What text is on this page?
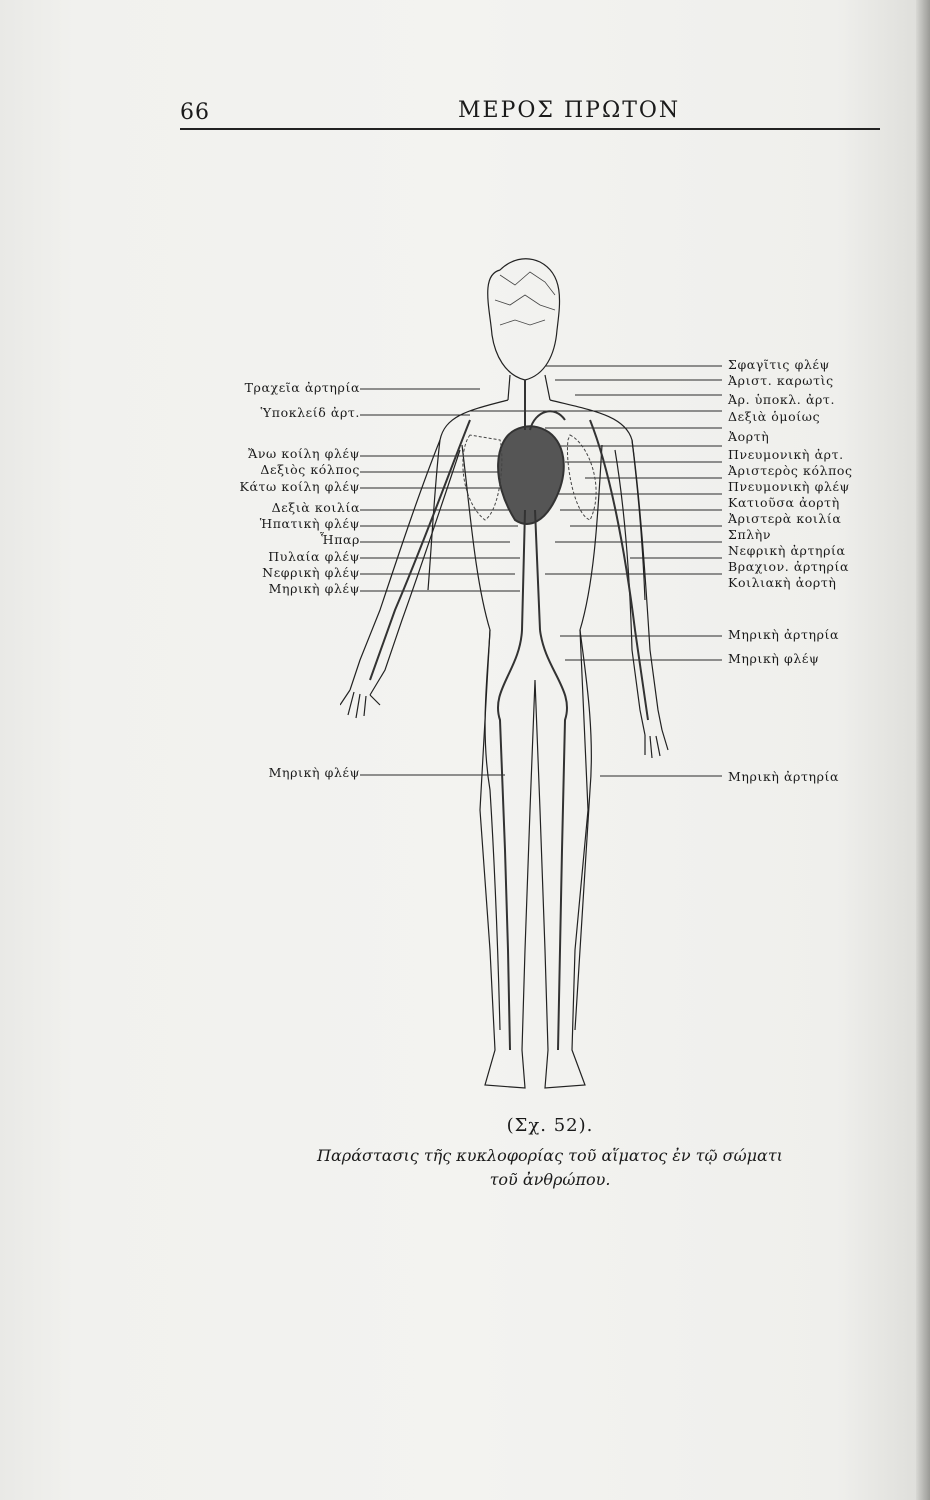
66	ΜΕΡΟΣ ΠΡΩΤΟΝ
Τραχεῖα ἀρτηρία
Ὑποκλείδ ἀρτ.
Ἄνω κοίλη φλέψ
Δεξιὸς κόλπος
Κάτω κοίλη φλέψ
Δεξιὰ κοιλία
Ἡπατικὴ φλέψ
Ἧπαρ
Πυλαία φλέψ
Νεφρικὴ φλέψ
Μηρικὴ φλέψ
Μηρικὴ φλέψ
Σφαγῖτις φλέψ
Ἀριστ. καρωτὶς
Ἀρ. ὑποκλ. ἀρτ.
Δεξιὰ ὁμοίως
Ἀορτὴ
Πνευμονικὴ ἀρτ.
Ἀριστερὸς κόλπος
Πνευμονικὴ φλέψ
Κατιοῦσα ἀορτὴ
Ἀριστερὰ κοιλία
Σπλὴν
Νεφρικὴ ἀρτηρία
Βραχιον. ἀρτηρία
Κοιλιακὴ ἀορτὴ
Μηρικὴ ἀρτηρία
Μηρικὴ φλέψ
Μηρικὴ ἀρτηρία
(Σχ. 52).
Παράστασις τῆς κυκλοφορίας τοῦ αἵματος ἐν τῷ σώματι
τοῦ ἀνθρώπου.
